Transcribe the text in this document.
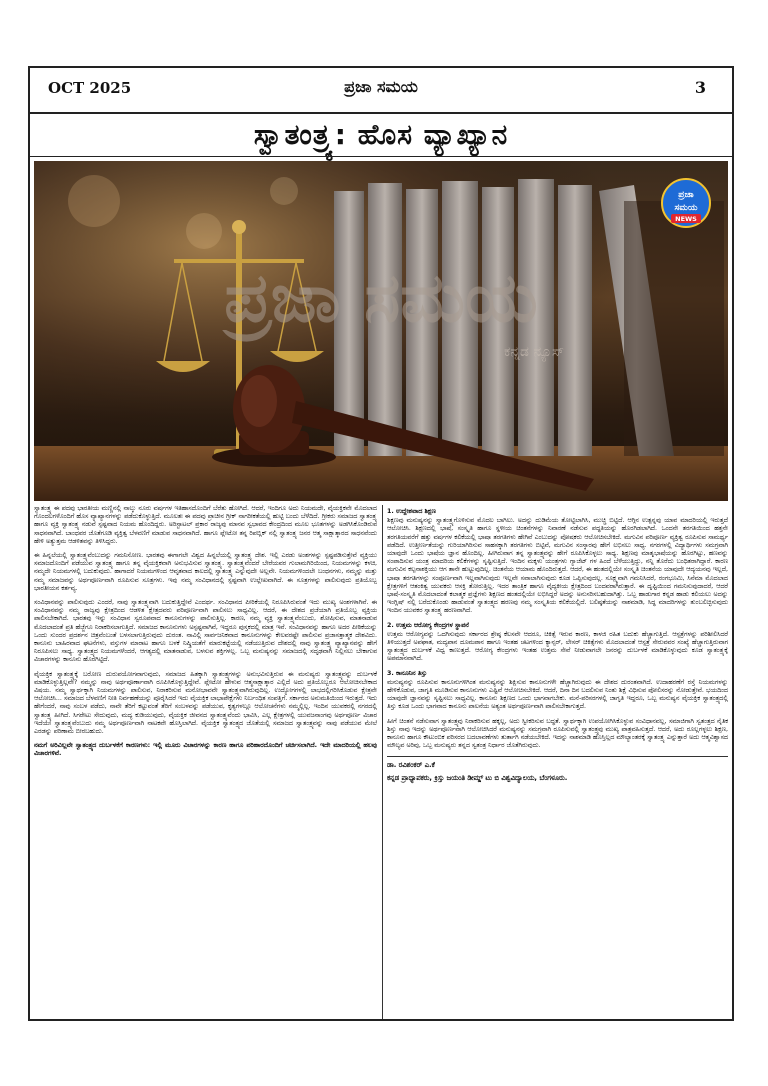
OCT 2025	ಪ್ರಜಾ ಸಮಯ	3
ಸ್ವಾತಂತ್ರ್ಯ: ಹೊಸ ವ್ಯಾಖ್ಯಾನ
ಪ್ರಜಾ ಸಮಯ
ಕನ್ನಡ ನ್ಯೂಸ್
ಪ್ರಜಾ
ಸಮಯ
NEWS

ಸ್ವಾತಂತ್ರ್ಯ ಈ ಪದವು ಭಾರತೀಯ ಮಣ್ಣಿನಲ್ಲಿ ನಾಲ್ಕು ನೂರು ವರ್ಷಗಳ ಇತಿಹಾಸದೊಂದಿಗೆ ಬೆರೆತು ಹೋಗಿದೆ. ಆದರೆ, ಇಂದಿಗೂ ಅದು ನಿಯಮದೇ, ವೈಯಕ್ತಿಕವೇ ಮೊದಲಾದ ಗೊಂದಲಗಳೊಂದಿಗೆ ಹೊಸ ವ್ಯಾಖ್ಯಾನಗಳನ್ನು ಪಡೆದುಕೊಳ್ಳುತ್ತಿದೆ. ಮೂಲತಃ ಈ ಪದವು ಪ್ರಾಚೀನ ಗ್ರೀಕ್ ನಾಗರೀಕತೆಯಲ್ಲಿ ಹುಟ್ಟಿ ಬಂದು ಬೆಳೆದಿದೆ. ಗ್ರೀಕರು ಸಮಾಜದ ಸ್ವಾತಂತ್ರ್ಯ ಹಾಗೂ ವ್ಯಕ್ತಿ ಸ್ವಾತಂತ್ರ್ಯ ನಡುವೆ ಸ್ಪಷ್ಟವಾದ ನಿಯಮ ಹೊಂದಿದ್ದರು. ಅರಿಸ್ಟಾಟಲ್ ಪ್ರಕಾರ ರಾಜ್ಯವು ಮಾನವ ಸ್ವಭಾವದ ಕೇಂದ್ರದಿಂದ ಮೂಲ ಭೂತಗಳನ್ನು ಅಡಗಿಸಿಕೊಂಡಿರುವ ಸಾಧನವಾಗಿದೆ. ಬಾಂಧವರ ಜೊತೆಗೂಡಿ ವ್ಯಕ್ತಿತ್ವ ಬೆಳವಣಿಗೆ ಮಾಡುವ ಸಾಧನವಾಗಿದೆ. ಹಾಗೂ ಪ್ಲೇಟೋ ತನ್ನ ರಿಪಬ್ಲಿಕ್ ನಲ್ಲಿ ಸ್ವಾತಂತ್ರ್ಯ ಜನರ ಆತ್ಮ ಸಾಕ್ಷಾತ್ಕಾರದ ಸಾಧನವೆಂದು ಹೇಳಿ ಅತ್ಯುತ್ತಮ ಆಡಳಿತವನ್ನು ತಿಳಿಸಿದ್ದರು.

ಈ ಹಿನ್ನಲೆಯಲ್ಲಿ ಸ್ವಾತಂತ್ರ್ಯವೆಂಬುದನ್ನು ಗಮನಿಸೋಣ. ಭಾರತವು ಈಗಾಗಲೇ ವಿಶ್ವದ ಹಿನ್ನಲೆಯಲ್ಲಿ ಸ್ವಾತಂತ್ರ್ಯ ದೇಶ. ಇಲ್ಲಿ ಎರಡು ಅಂಶಗಳನ್ನು ಸ್ಪಷ್ಟಪಡಿಸುತ್ತೇವೆ ವ್ಯಕ್ತಿಯು ಸಮಾಜದೊಂದಿಗೆ ಪಡೆಯುವ ಸ್ವಾತಂತ್ರ್ಯ ಹಾಗೂ ತನ್ನ ವೈಯಕ್ತಿಕವಾಗಿ ಅನುಭವಿಸುವ ಸ್ವಾತಂತ್ರ್ಯ. ಸ್ವಾತಂತ್ರ್ಯವೆಂದರೆ ಬೇರೆಯವರ ಗುಲಾಮಗಿರಿಯಿಂದ, ನಿಯಮಗಳನ್ನು ಕಳಚಿ, ನಮ್ಮದೇ ನಿಯಮಗಳಲ್ಲಿ ಬದುಕುವುದು. ಹಾಗಾದರೆ ನಿಯಮಗಳಿಂದ ಆವೃತವಾದ ಕಾಲದಲ್ಲಿ ಸ್ವಾತಂತ್ರ್ಯ ಎನ್ನುವುದೇ ಅಲ್ಲವೇ. ನಿಯಮಗಳಿಂದಲೇ ಬಂಧನಗಳು, ನಮ್ಮನ್ನು ಮತ್ತು ನಮ್ಮ ಸಮಾಜವನ್ನು ಅರ್ಥಪೂರ್ಣವಾಗಿ ರೂಪಿಸುವ ಸೂತ್ರಗಳು. ಇವು ನಮ್ಮ ಸಂವಿಧಾನದಲ್ಲಿ ಸ್ಪಷ್ಟವಾಗಿ ಉಲ್ಲೇಖವಾಗಿದೆ. ಈ ಸೂತ್ರಗಳನ್ನು ಪಾಲಿಸುವುದು ಪ್ರತಿಯೊಬ್ಬ ಭಾರತೀಯನ ಕರ್ತವ್ಯ.

ಸಂವಿಧಾನವನ್ನು ಪಾಲಿಸುವುದು ಎಂದರೆ, ನಾವು ಸ್ವಾತಂತ್ರ್ಯವಾಗಿ ಬದುಕುತ್ತಿದ್ದೇವೆ ಎಂದರ್ಥ. ಸಂವಿಧಾನದ ಪೀಠಿಕೆಯಲ್ಲಿ ನಿರೂಪಿಸಿರುವಂತೆ ಇದು ಮುಖ್ಯ ಅಂಶಗಳಾಗಿವೆ. ಈ ಸಂವಿಧಾನವನ್ನು ನಮ್ಮ ರಾಜ್ಯವು ಕ್ಷೇತ್ರದಿಂದ ಆಡಳಿತ ಕ್ಷೇತ್ರದವರು ಪರಿಪೂರ್ಣವಾಗಿ ಪಾಲಿಸಲು ಸಾಧ್ಯವಿಲ್ಲ. ಆದರೆ, ಈ ದೇಶದ ಪ್ರಜೆಯಾಗಿ ಪ್ರತಿಯೊಬ್ಬ ವ್ಯಕ್ತಿಯ ಪಾಲಿಸಬೇಕಾಗಿದೆ. ಭಾರತವು ಇನ್ನು ಸಂವಿಧಾನ ಸ್ವರೂಪವಾದ ಕಾನೂನುಗಳನ್ನು ಪಾಲಿಸುತ್ತಿಲ್ಲ. ಕಾರಣ, ನಮ್ಮ ವ್ಯಕ್ತಿ ಸ್ವಾತಂತ್ರ್ಯವೆಂಬುದು, ಶೋಷಿಸುವ, ಮಾತನಾಡುವ ಮೊದಲಾದಂತೆ ಪ್ರತಿ ಹೆಜ್ಜೆಗೂ ನಿರಾಕರಿಸಲಾಗುತ್ತಿದೆ. ಸಮಾಜದ ಕಾನೂನುಗಳು ಅಸ್ಪಷ್ಟವಾಗಿವೆ, ಇದ್ದರೂ ಪುಸ್ತಕದಲ್ಲಿ ಮಾತ್ರ ಇವೆ. ಸಂವಿಧಾನವನ್ನು ಹಾಗೂ ಅದರ ಪೀಠಿಕೆಯನ್ನು ಒಂದು ಸುಂದರ ಪ್ರದರ್ಶನ ಚಿತ್ರವೆಂಬಂತೆ ಬಳಸಲಾಗುತ್ತಿರುವುದು ದುರಂತ. ನಾವಿಲ್ಲಿ ಸಾರ್ವಜನಿಕವಾದ ಕಾನೂನುಗಳನ್ನು ಕೇಲವರಷ್ಟೇ ಪಾಲಿಸುವ ಪ್ರಜಾಸತ್ತಾತ್ಮಕ ದೇಶವಿದು. ಕಾನೂನು ಬಾಹಿರವಾದ ಘಟನೆಗಳು, ವಸ್ತುಗಳ ಮಾರಾಟ ಹಾಗೂ ಬಳಕೆ ನಿಷ್ಕ್ರಿಯತೆಗೆ ಮಾರುಕಟ್ಟೆಯಲ್ಲಿ ನಡೆಯುತ್ತಿರುವ ದೇಶದಲ್ಲಿ ನಾವು ಸ್ವಾತಂತ್ರ್ಯ ವ್ಯಾಖ್ಯಾನವನ್ನು ಹೇಗೆ ನಿರೂಪಿಸಲು ಸಾಧ್ಯ. ಸ್ವಾತಂತ್ರ್ಯದ ನಿಯಮಗಳೆಂದರೆ, ಆಗತ್ಯದಲ್ಲಿ ಮಾತನಾಡುವ, ಬಳಸುವ ಶಕ್ತಿಗಳಲ್ಲ. ಒಬ್ಬ ಮನುಷ್ಯನನ್ನು ಸಮಾಜದಲ್ಲಿ ಸದೃಢವಾಗಿ ನಿಲ್ಲಿಸಲು ಬೇಕಾಗುವ ವಿಚಾರಗಳನ್ನು ಕಾನೂನು ಹೊರಗಿಟ್ಟಿದೆ.

ವೈಯಕ್ತಿಕ ಸ್ವಾತಂತ್ರ್ಯಕ್ಕೆ ಬರೋಣ ದುರುಪಯೋಗವಾಗುವುದು, ಸಮಾಜದ ಹಿತಕ್ಕಾಗಿ ಸ್ವಾತಂತ್ರ್ಯಗಳನ್ನು ಅನುಭವಿಸುತ್ತಿರುವ ಈ ಮನುಷ್ಯರು ಸ್ವಾತಂತ್ರ್ಯವನ್ನು ದುರ್ಬಳಕೆ ಮಾಡಿಕೊಳ್ಳುತ್ತಿಲ್ಲವೇ? ನಮ್ಮನ್ನು ನಾವು ಅರ್ಥಪೂರ್ಣಾವಾಗಿ ರೂಪಿಸಿಕೊಳ್ಳುತ್ತಿದ್ದೇವೆ. ಪ್ಲೇಟೋ ಹೇಳುವ ಆತ್ಮಸಾಕ್ಷಾತ್ಕಾರ ಎಲ್ಲಿದೆ ಅದು ಪ್ರತಿಯೊಬ್ಬರೂ ಆಲೋಚಿಸಬೇಕಾದ ವಿಷಯ. ನಮ್ಮ ಸ್ವಾರ್ಥಕ್ಕಾಗಿ ನಿಯಮಗಳನ್ನು ಪಾಲಿಸುವ, ನಿರಾಕರಿಸುವ ಮನೋಭಾವವೇ ಸ್ವಾತಂತ್ರ್ಯವಾಗಿರುವುದಿಲ್ಲ. ಉದ್ಯೋಗಗಳಲ್ಲಿ ಲಾಭದಲ್ಲಿಗರಿಸಿಕೊಡುವ ಕ್ಷೇತ್ರವೇ ಆಲೋಚಿಸಿ... ಸಮಾಜದ ಬೆಳವಣಿಗೆ ನೀತಿ ನಿರ್ವಹಣೆಯನ್ನು ಪೂರೈಸಿದರೆ ಇದು ವೈಯಕ್ತಿಕ ಲಾಭಾಪೇಕ್ಷೆಗಳು ನಿರ್ಬಂಧಿತ ಸಂಪತ್ತಿಗೆ. ಸರ್ಕಾರದ ಅನುಮತಿಯಿಂದ ಇರುತ್ತದೆ. ಇದು ಹೇಗೆಂದರೆ, ನಾವು ಸಂಬಳ ಪಡೆದು, ನಾವೇ ತೆರಿಗೆ ಕಟ್ಟುವಂತೆ ತೆರಿಗೆ ಸಂಬಳವನ್ನು ಪಡೆಯುವ, ಕೃತ್ಯಗಳಲ್ಲೂ ಆಲೋಚನೆಗಳು ನಮ್ಮಲ್ಲಿಲ್ಲ. ಇಂದಿನ ಯುವಕರಲ್ಲಿ ನಗರದಲ್ಲಿ ಸ್ವಾತಂತ್ರ್ಯ ಹೀಗಿದೆ. ಸಿಗರೇಟು ಸೇದುವುದು, ಮದ್ಯ ಕುಡಿಯುವುದು, ವೈಯಕ್ತಿಕ ಜೀವನದ ಸ್ವಾತಂತ್ರ್ಯವೆಂದು ಭಾವಿಸಿ, ಎಲ್ಲ ಕ್ಷೇತ್ರಗಳಲ್ಲಿ ಯುವಜನಾಂಗವು ಅರ್ಥಪೂರ್ಣ ವಿಚಾರ ಇದೆಯೇ ಸ್ವಾತಂತ್ರ್ಯವೆಂಬುದು ನಮ್ಮ ಅರ್ಥಪೂರ್ಣವಾಗಿ ನಾಟಕವೇ ಹೊಸ್ತಿಲಾಗಿದೆ. ವೈಯಕ್ತಿಕ ಸ್ವಾತಂತ್ರ್ಯದ ಜೊತೆಯಲ್ಲಿ ಸಮಾಜದ ಸ್ವಾತಂತ್ರ್ಯವನ್ನು ನಾವು ಪಡೆಯುವ ಮೇಲೆ ಎರಡನ್ನು ಪರಿಣಾಮ ಬೀರಬಹುದು.

ನಮಗೆ ಅರಿವಿಲ್ಲವೇ ಸ್ವಾತಂತ್ರ್ಯದ ದುರ್ಬಳಕೆಗೆ ಕಾರಣಗಳು: ಇಲ್ಲಿ ಮೂರು ವಿಚಾರಗಳನ್ನು ಕಾರಣ ಹಾಗೂ ಪರಿಹಾರದೊಂದಿಗೆ ಚರ್ಚಿಸಲಾಗಿದೆ. ಇದೇ ಮಾದರಿಯಲ್ಲಿ ಹಲವು ವಿಚಾರಗಳಿವೆ.

1. ಉದ್ದೇಶವಾದ ಶಿಕ್ಷಣ

ಶಿಕ್ಷಣವು ಮನುಷ್ಯನನ್ನು ಸ್ವಾತಂತ್ರ್ಯಗೊಳಿಸುವ ಮೊದಲ ಬಾಗಿಲು. ಅದನ್ನು ದುಡಿಮೆಯ ತೋಟ್ಟಿಲಾಗಿಸಿ, ಮುಚ್ಚಿ ಬಿಟ್ಟಿದೆ. ಆಗ್ಗಿನ ಉತ್ಪನ್ನವು ಯಾವ ಮಾದರಿಯಲ್ಲಿ ಇರುತ್ತದೆ ಆಲೋಚಿಸಿ. ಶಿಕ್ಷಣದಲ್ಲಿ ಭಾಷೆ, ಸಂಸ್ಕೃತಿ ಹಾಗೂ ಸ್ಥಳೀಯ ಚಿಂತನೆಗಳನ್ನು ನಿವಾರಣೆ ನಡೆಸುವ ಪದ್ಧತಿಯನ್ನು ಹೊರಗಿಡಲಾಗಿದೆ. ಒಂದನೇ ತರಗತಿಯಿಂದ ಹತ್ತನೇ ತರಗತಿಯವರೆಗೆ ಹತ್ತು ವರ್ಷಗಳ ಕಲಿಕೆಯಲ್ಲಿ ಭಾಷಾ ತರಗತಿಗಳು ಹೇಗಿವೆ ಎಂಬುದನ್ನು ಪೋಷಕರು ಆಲೋಚಿಸಬೇಕಿದೆ. ಮಗುವಿನ ಪರಿಪೂರ್ಣ ವ್ಯಕ್ತಿತ್ವ ರೂಪಿಸುವ ಸಾಮರ್ಥ್ಯ ಪಡೆದಿದೆ. ಉತ್ತೀರ್ಣತೆಯನ್ನು ಗುರಿಯಾಗಿರಿಸುವ ಸಾಹಸಕ್ಕಾಗಿ ತರಗತಿಗಳು ಬಿಟ್ಟಿವೆ, ಮಗುವಿನ ಸಂಸ್ಕಾರವು ಹೇಗೆ ಲಭಿಸಲು ಸಾಧ್ಯ. ನಗರಗಳಲ್ಲಿ ವಿದ್ಯಾರ್ಥಿಗಳು ಸಮಗ್ರವಾಗಿ ಯಾವುದೇ ಒಂದು ಭಾಷೆಯ ಜ್ಞಾನ ಹೊಂದಿಲ್ಲ. ಹೀಗಿರುವಾಗ ತನ್ನ ಸ್ವಾತಂತ್ರ್ಯವನ್ನು ಹೇಗೆ ರೂಪಿಸಿಕೊಳ್ಳಲು ಸಾಧ್ಯ. ಶಿಕ್ಷಣವು ಮಾತೃಭಾಷೆಯನ್ನು ಹೊರಗಿಟ್ಟು, ಹಣವನ್ನು ಸಂಪಾದಿಸುವ ಯಂತ್ರ ಮಾದರಿಯ ಕಲಿಕೆಗಳನ್ನು ಸೃಷ್ಟಿಸುತ್ತಿದೆ. ಇಂದಿನ ಮಕ್ಕಳು ಯಂತ್ರಗಳು ಗ್ಯಾಜೆಟ್ ಗಳ ಹಿಂದೆ ಬೆಳೆಯುತ್ತಿದ್ದು, ನನ್ನಿ ತೊರೆದು ಬಂಧಿತರಾಗಿದ್ದಾರೆ. ಕಾರಣ ಮಗುವಿನ ಕಲ್ಪನಾಶಕ್ತಿಯು ಆಗ ತಾನೇ ಹುಟ್ಟುವುದಿಲ್ಲ. ಚಿಂತನೆಯ ಆಯಾಮ ಹೊಂದಿರುತ್ತದೆ. ಆದರೆ, ಈ ಹಂತದಲ್ಲಿಯೇ ಸಂಸ್ಕೃತಿ ಚಿಂತನೆಯ ಯಾವುದೇ ಆದ್ಯಯನವು ಇಲ್ಲದೆ, ಭಾಷಾ ತರಗತಿಗಳನ್ನು ಸಂಪೂರ್ಣವಾಗಿ ಇಲ್ಲವಾಗಿಸುವುದು ಇಲ್ಲವೇ ಸವಾಲಾಗಿಸುವುದು ಕೂಡ ಒಪ್ಪಿಸುವುದಲ್ಲ. ಸೂಕ್ಷ್ಮವಾಗಿ ಗಮನಿಸಿದರೆ, ರಂಗಭೂಮಿ, ಸಿನೆಮಾ ಮೊದಲಾದ ಕ್ಷೇತ್ರಗಳಿಗೆ ಆತಂಕಿತ್ವ ಯುವಕರು ಆಸಕ್ತಿ ತೋರುತ್ತಿಲ್ಲ. ಇದರ ತಾಂತ್ರಿಕ ಹಾಗೂ ವೈದ್ಯಕೀಯ ಕ್ಷೇತ್ರದಿಂದ ಬಂದವರಾಗಿರುತ್ತಾರೆ. ಈ ದೃಷ್ಟಿಯಿಂದ ಗಮನಿಸುವುದಾದರೆ, ಆದರೆ ಭಾಷೆ-ಸಂಸ್ಕೃತಿ ಮೊದಲಾದಂತೆ ಕಲಾತ್ಮಕ ಪ್ರಜ್ಞೆಗಳು ಶಿಕ್ಷಣದ ಹಂತದಲ್ಲಿಯೇ ಲಭಿಸಿದ್ದರೆ ಅದನ್ನು ಅನುಸರಿಸಬಹುದಾಗಿತ್ತು. ಒಬ್ಬ ಹಾಡುಗಾರ ಕನ್ನಡ ಹಾಡು ಕಲಿಯಲು ಅದನ್ನು ಇಂಗ್ಲಿಷ್ ನಲ್ಲಿ ಬರೆದುಕೊಂಡು ಹಾಡುವಂತೆ ಸ್ವಾತಂತ್ರ್ಯದ ಹರಣವು ನಮ್ಮ ಸಂಸ್ಕೃತಿಯ ಕಲಿಕೆಯಲ್ಲಿದೆ. ಬಲಿಷ್ಠತೆಯನ್ನು ನಾಶಮಾಡಿ, ಸಿದ್ಧ ಮಾದರಿಗಳನ್ನು ತುಂಬಲಿಚ್ಛಿಸುವುದು ಇಂದಿನ ಯುವಕರ ಸ್ವಾತಂತ್ರ್ಯ ಹರಣವಾಗಿದೆ.

2. ಉತ್ತಮ ಆರೋಗ್ಯ ಕೇಂದ್ರಗಳ ಸ್ಥಾಪನೆ

ಉತ್ತಮ ಆರೋಗ್ಯವನ್ನು ಒದಗಿಸುವುದು ಸರ್ಕಾರದ ಶ್ರೇಷ್ಠ ಕೆಲಸವೇ ಆದರೂ, ಚಿಕಿತ್ಸೆ ಇರುವ ಕಾರಣ, ಕಾಳಜಿ ರಹಿತ ಬದುಕು ಹೆಚ್ಚಾಗುತ್ತಿದೆ. ಆಸ್ಪತ್ರೆಗಳನ್ನು ಪರಿಶೀಲಿಸಿದರೆ ತಿಳಿಯುತ್ತದೆ ಅಪಘಾತ, ಮದ್ಯಪಾನ ದೂಮಪಾನ ಹಾಗೂ ಇಂತಹ ಚಟಗಳಿಂದ ಕ್ಯಾನ್ಸರ್, ಲೇಸರ್ ಚಿಕಿತ್ಸೆಗಳು ಮೊದಲಾದಂತೆ ಆಸ್ಪತ್ರೆ ಸೇರುವವರ ಸಂಖ್ಯೆ ಹೆಚ್ಚಾಗುತ್ತಿರುವಾಗ ಸ್ವಾತಂತ್ರ್ಯದ ದುರ್ಬಳಕೆ ವಿಧ್ವ ಕಾಣುತ್ತದೆ. ಆರೋಗ್ಯ ಕೇಂದ್ರಗಳು ಇಂತಹ ಉತ್ತಮ ಸೇವೆ ನೀಡುವಾಗಲೇ ಜನರನ್ನು ದುರ್ಬಳಕೆ ಮಾಡಿಕೊಳ್ಳುವುದು ಕೂಡ ಸ್ವಾತಂತ್ರ್ಯಕ್ಕೆ ಅಪಮಾನವಾಗಿದೆ.

3. ಕಾನೂನಿನ ತಿಸ್ತು

ಮನುಷ್ಯನನ್ನು ರೂಪಿಸುವ ಕಾನೂನುಗಳಿಗಿಂತ ಮನುಷ್ಯನನ್ನು ಶಿಕ್ಷಿಸುವ ಕಾನೂನುಗಳೇ ಹೆಚ್ಚಾಗಿರುವುದು ಈ ದೇಶದ ದುರಂತವಾಗಿದೆ. ಉದಾಹರಣೆಗೆ ರಸ್ತೆ ನಿಯಮಗಳನ್ನು ಹೇಳಿಕೊಡುವ, ಜಾಗೃತಿ ಮೂಡಿಸುವ ಕಾನೂನುಗಳು ಎಷ್ಟಿವೆ ಆಲೋಚಿಸಬೇಕಿದೆ. ಆದರೆ, ದಿನಾ ದಿನ ಬದಲಿಸುವ ನಿಂತು ಶಿಕ್ಷೆ ವಿಧಿಸುವ ಪೋಲಿಸರನ್ನು ನೋಡುತ್ತೇವೆ. ಭಯದಿಂದ ಯಾವುದೇ ಜ್ಞಾನವನ್ನು ಸೃಷ್ಟಿಸಲು ಸಾಧ್ಯವಿಲ್ಲ. ಕಾನೂನು ಶಿಕ್ಷಣದ ಒಂದು ಭಾಗವಾಗಬೇಕು. ಮನೆ-ಪರಿಸರಗಳಲ್ಲಿ ಜಾಗೃತಿ ಇದ್ದರೂ, ಒಬ್ಬ ಮನುಷ್ಯನ ವೈಯಕ್ತಿಕ ಸ್ವಾತಂತ್ರ್ಯದಲ್ಲಿ ತಿಸ್ತು ಕೂಡ ಒಂದು ಭಾಗವಾದ ಕಾನೂನು ಪಾಲನೆಯ ಅತ್ಯಂತ ಅರ್ಥಪೂರ್ಣವಾಗಿ ಪಾಲಿಸಬೇಕಾಗುತ್ತದೆ.

ಹೀಗೆ ಚಿಂತನೆ ನಡೆಸುವಾಗ ಸ್ವಾತಂತ್ರ್ಯವು ನಿರಾಕರಿಸುವ ಹಕ್ಕಲ್ಲ, ಅದು ಸ್ವೀಕರಿಸುವ ಬದ್ಧತೆ. ಸ್ವಾರ್ಥಕ್ಕಾಗಿ ಉಪಯೋಗಿಸಿಕೊಳ್ಳುವ ಸಂವಿಧಾನವಲ್ಲ, ಸಮಾಜಿಗಾಗಿ ಸ್ವತಂತ್ರದ ನೈತಿಕ ಶಿಸ್ತು ನಾವು ಇದನ್ನು ಅರ್ಥಪೂರ್ಣವಾಗಿ ಆಲೋಚಿಸಿದರೆ ಮನುಷ್ಯನನ್ನು ಸಮಗ್ರವಾಗಿ ರೂಪಿಸುವಲ್ಲಿ ಸ್ವಾತಂತ್ರ್ಯವು ಮುಖ್ಯ ಪಾತ್ರವಹಿಸುತ್ತದೆ. ಆದರೆ, ಅದು ರೂಲ್ಲಗಳ್ಳಲು ಶಿಕ್ಷಣ, ಕಾನೂನು ಹಾಗೂ ಕೌಟುಂಬಿಕ ಪರಿಸರದ ಬದಲಾವಣೆಗಳು ತುರ್ತಾಗಿ ನಡೆಯಬೇಕಿದೆ. ಇದನ್ನು ನಾಶಮಾಡಿ ಹೊಸ್ತಿಲ್ಲದ ಮೌಲ್ಯಾಂತರಕ್ಕೆ ಸ್ವಾತಂತ್ರ್ಯ ಎನ್ನುತ್ತಾರೆ ಅದು ಆತ್ಮವಿಶ್ವಾಸದ ಮೌಲ್ಯವ ಅರಿವು, ಒಬ್ಬ ಮನುಷ್ಯರು ತನ್ನದ ಸ್ವತಂತ್ರ ನಿರ್ಧಾರ ಜೊತೆಗಿರುವುದು.

ಡಾ. ರವಿಶಂಕರ್ ಎ.ಕೆ
ಕನ್ನಡ ಪ್ರಾಧ್ಯಾಪಕರು, ಕ್ರಿಸ್ತು ಜಯಂತಿ ಡೀಮ್ಡ್ ಟು ಬಿ ವಿಶ್ವವಿದ್ಯಾಲಯ, ಬೆಂಗಳೂರು.
